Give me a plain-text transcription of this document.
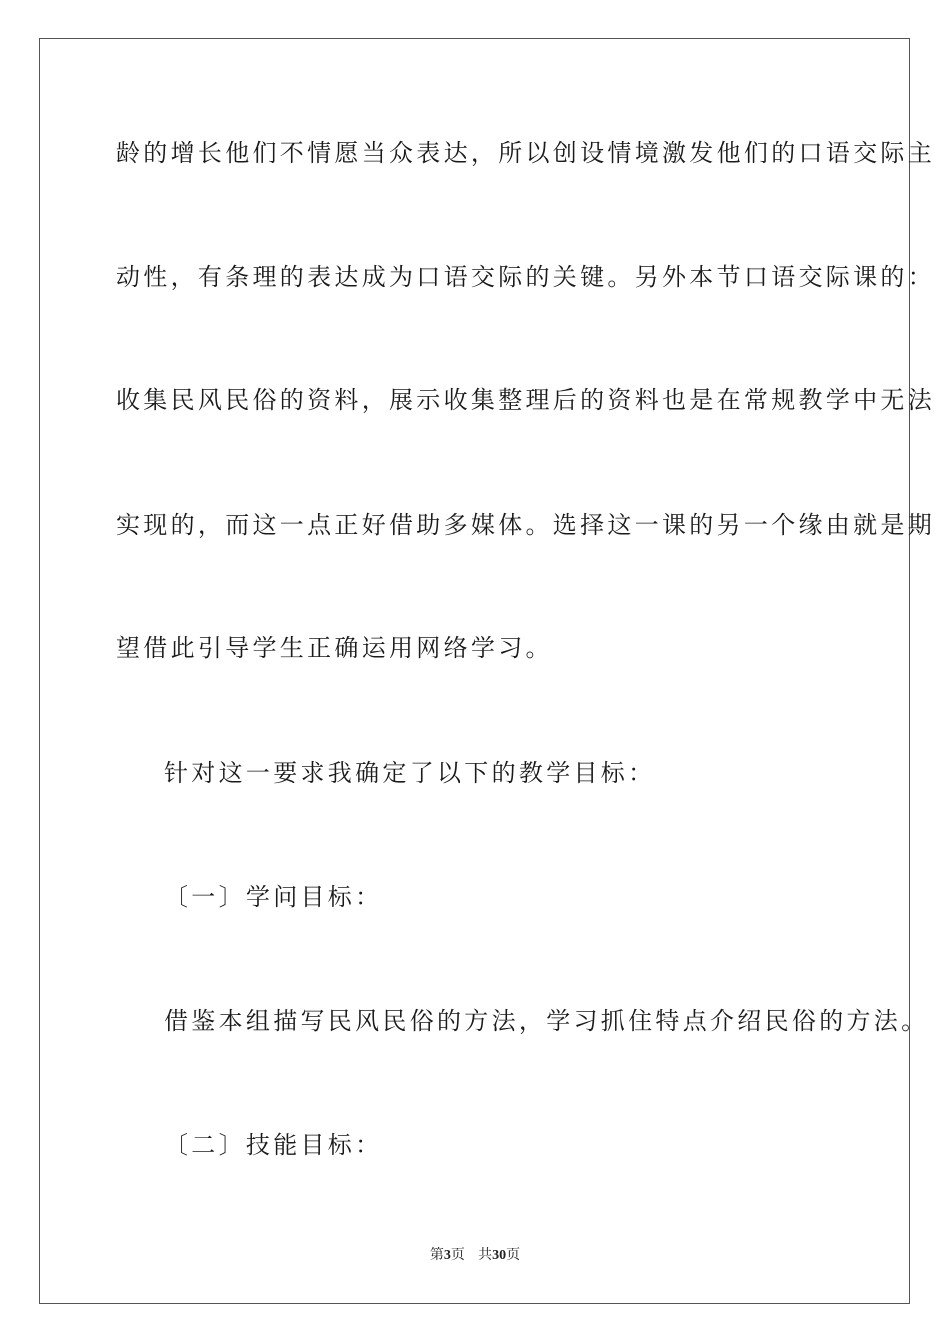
龄的增长他们不情愿当众表达，所以创设情境激发他们的口语交际主
动性，有条理的表达成为口语交际的关键。另外本节口语交际课的：
收集民风民俗的资料，展示收集整理后的资料也是在常规教学中无法
实现的，而这一点正好借助多媒体。选择这一课的另一个缘由就是期
望借此引导学生正确运用网络学习。
针对这一要求我确定了以下的教学目标：
〔一〕学问目标：
借鉴本组描写民风民俗的方法，学习抓住特点介绍民俗的方法。
〔二〕技能目标：
第3页 共30页
